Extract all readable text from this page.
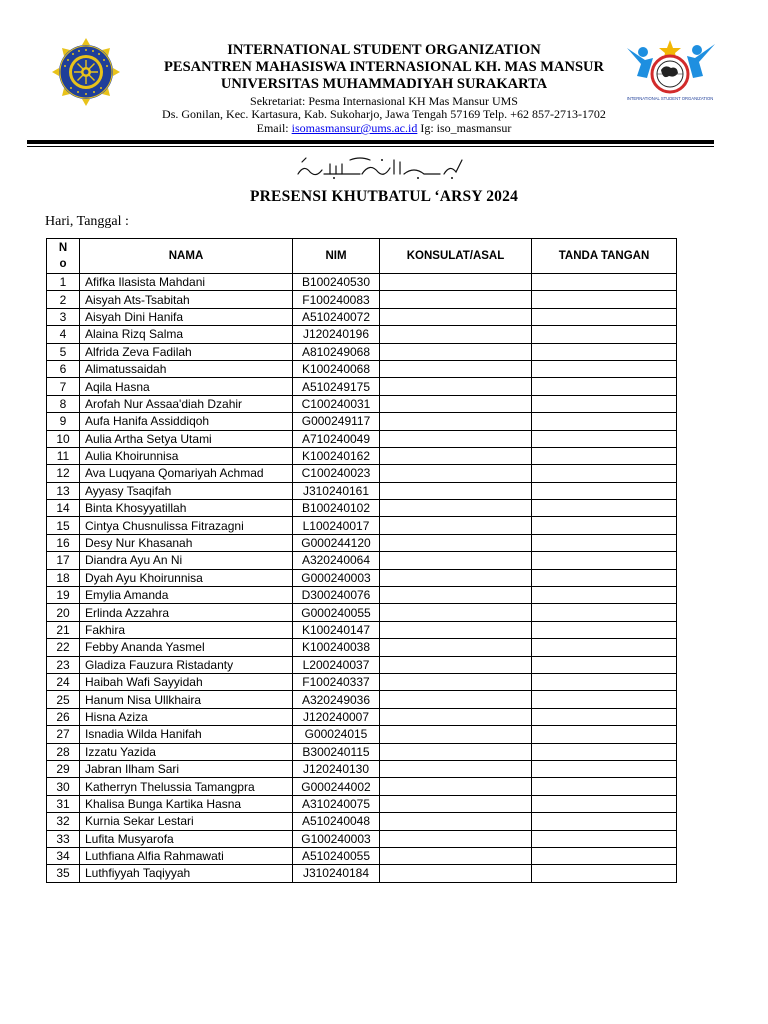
INTERNATIONAL STUDENT ORGANIZATION
INTERNATIONAL STUDENT ORGANIZATION
PESANTREN MAHASISWA INTERNASIONAL KH. MAS MANSUR
UNIVERSITAS MUHAMMADIYAH SURAKARTA
Sekretariat: Pesma Internasional KH Mas Mansur UMS
Ds. Gonilan, Kec. Kartasura, Kab. Sukoharjo, Jawa Tengah 57169 Telp. +62 857-2713-1702
Email: isomasmansur@ums.ac.id Ig: iso_masmansur
PRESENSI KHUTBATUL ‘ARSY 2024
Hari, Tanggal :
N
o	NAMA	NIM	KONSULAT/ASAL	TANDA TANGAN
1	Afifka Ilasista Mahdani	B100240530		
2	Aisyah Ats-Tsabitah	F100240083		
3	Aisyah Dini Hanifa	A510240072		
4	Alaina Rizq Salma	J120240196		
5	Alfrida Zeva Fadilah	A810249068		
6	Alimatussaidah	K100240068		
7	Aqila Hasna	A510249175		
8	Arofah Nur Assaa'diah Dzahir	C100240031		
9	Aufa Hanifa Assiddiqoh	G000249117		
10	Aulia Artha Setya Utami	A710240049		
11	Aulia Khoirunnisa	K100240162		
12	Ava Luqyana Qomariyah Achmad	C100240023		
13	Ayyasy Tsaqifah	J310240161		
14	Binta Khosyyatillah	B100240102		
15	Cintya Chusnulissa Fitrazagni	L100240017		
16	Desy Nur Khasanah	G000244120		
17	Diandra Ayu An Ni	A320240064		
18	Dyah Ayu Khoirunnisa	G000240003		
19	Emylia Amanda	D300240076		
20	Erlinda Azzahra	G000240055		
21	Fakhira	K100240147		
22	Febby Ananda Yasmel	K100240038		
23	Gladiza Fauzura Ristadanty	L200240037		
24	Haibah Wafi Sayyidah	F100240337		
25	Hanum Nisa Ullkhaira	A320249036		
26	Hisna Aziza	J120240007		
27	Isnadia Wilda Hanifah	G00024015		
28	Izzatu Yazida	B300240115		
29	Jabran Ilham Sari	J120240130		
30	Katherryn Thelussia Tamangpra	G000244002		
31	Khalisa Bunga Kartika Hasna	A310240075		
32	Kurnia Sekar Lestari	A510240048		
33	Lufita Musyarofa	G100240003		
34	Luthfiana Alfia Rahmawati	A510240055		
35	Luthfiyyah Taqiyyah	J310240184		
